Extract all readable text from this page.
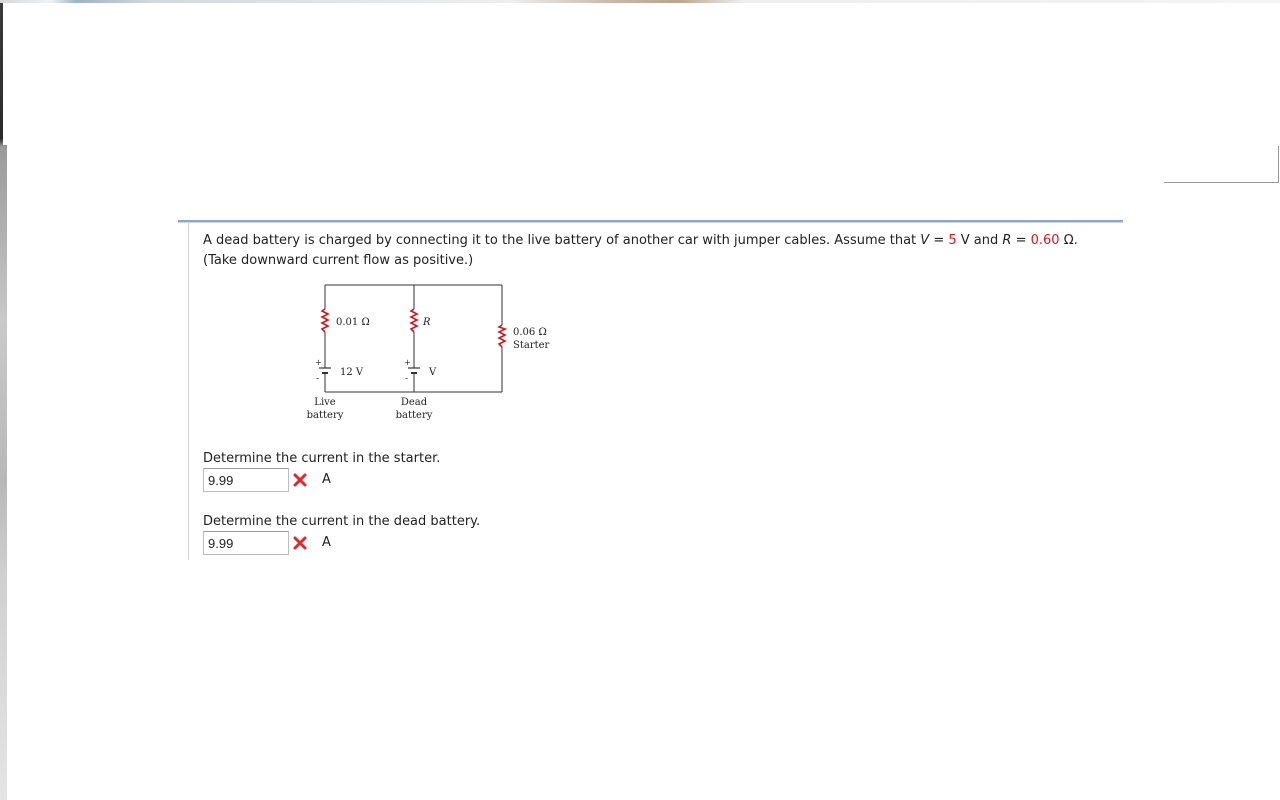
A dead battery is charged by connecting it to the live battery of another car with jumper cables. Assume that V = 5 V and R = 0.60 Ω.
(Take downward current flow as positive.)
0.01 Ω	R
0.06 Ω
Starter
12 V	V
+
-
+
-
Live
battery
Dead
battery
Determine the current in the starter.
9.99
A
Determine the current in the dead battery.
9.99
A
